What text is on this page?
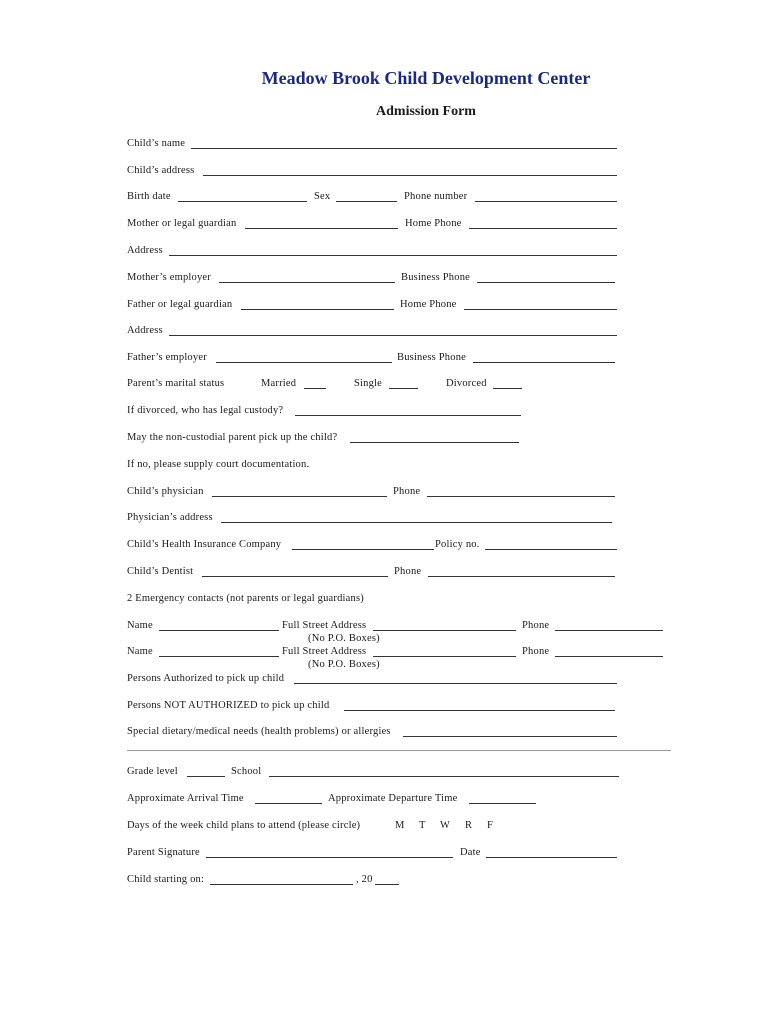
Meadow Brook Child Development Center
Admission Form
Child’s name
Child’s address
Birth date	Sex	Phone number
Mother or legal guardian	Home Phone
Address
Mother’s employer	Business Phone
Father or legal guardian	Home Phone
Address
Father’s employer	Business Phone
Parent’s marital status	Married	Single	Divorced
If divorced, who has legal custody?
May the non-custodial parent pick up the child?
If no, please supply court documentation.
Child’s physician	Phone
Physician’s address
Child’s Health Insurance Company	Policy no.
Child’s Dentist	Phone
2 Emergency contacts (not parents or legal guardians)
Name	Full Street Address	Phone
(No P.O. Boxes)
Name	Full Street Address	Phone
(No P.O. Boxes)
Persons Authorized to pick up child
Persons NOT AUTHORIZED to pick up child
Special dietary/medical needs (health problems) or allergies
Grade level	School
Approximate Arrival Time	Approximate Departure Time
Days of the week child plans to attend (please circle)	M T W R F
Parent Signature	Date
Child starting on:	, 20
